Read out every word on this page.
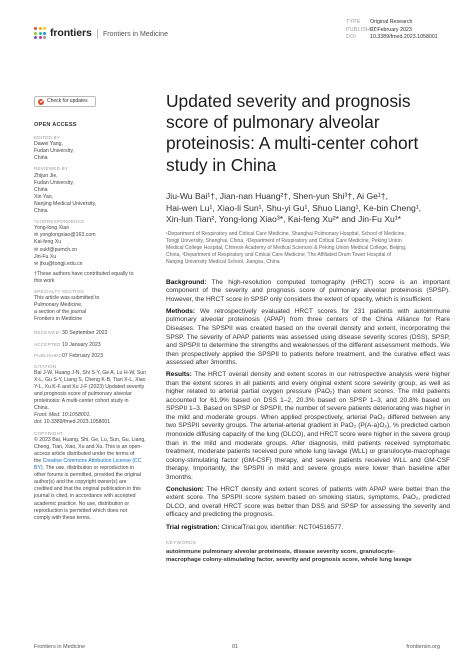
frontiers	Frontiers in Medicine
TYPE Original Research
PUBLISHED07 February 2023
DOI	10.3389/fmed.2023.1058001
Check for updates
OPEN ACCESS
EDITED BY
Dawei Yang,
Fudan University,
China
REVIEWED BY
Zhijun Jie,
Fudan University,
China
Xin Yao,
Nanjing Medical University,
China
*CORRESPONDENCE
Yong-long Xiao
✉ yonglongxiao@163.com
Kai-feng Xu
✉ xukf@pumch.cn
Jin-Fu Xu
✉ jfxu@tongji.edu.cn
†These authors have contributed equally to this work
SPECIALTY SECTION
This article was submitted to
Pulmonary Medicine,
a section of the journal
Frontiers in Medicine
RECEIVED 30 September 2022
ACCEPTED19 January 2023
PUBLISHED07 February 2023
CITATION
Bai J-W, Huang J-N, Shi S-Y, Ge A, Lu H-W, Sun
X-L, Gu S-Y, Liang S, Cheng K-B, Tian X-L, Xiao
Y-L, Xu K-F and Xu J-F (2023) Updated severity
and prognosis score of pulmonary alveolar
proteinosis: A multi-center cohort study in
China.
Front. Med. 10:1058001.
doi: 10.3389/fmed.2023.1058001
COPYRIGHT
© 2023 Bai, Huang, Shi, Ge, Lu, Sun, Gu, Liang,
Cheng, Tian, Xiao, Xu and Xu. This is an open-
access article distributed under the terms of
the Creative Commons Attribution License (CC
BY). The use, distribution or reproduction in
other forums is permitted, provided the original
author(s) and the copyright owner(s) are
credited and that the original publication in this
journal is cited, in accordance with accepted
academic practice. No use, distribution or
reproduction is permitted which does not
comply with these terms.
Updated severity and prognosis
score of pulmonary alveolar
proteinosis: A multi-center cohort
study in China
Jiu-Wu Bai¹†, Jian-nan Huang²†, Shen-yun Shi³†, Ai Ge¹†,
Hai-wen Lu¹, Xiao-li Sun¹, Shu-yi Gu¹, Shuo Liang¹, Ke-bin Cheng¹,
Xin-lun Tian², Yong-long Xiao³*, Kai-feng Xu²* and Jin-Fu Xu¹*
¹Department of Respiratory and Critical Care Medicine, Shanghai Pulmonary Hospital, School of Medicine,
Tongji University, Shanghai, China, ²Department of Respiratory and Critical Care Medicine, Peking Union
Medical College Hospital, Chinese Academy of Medical Sciences & Peking Union Medical College, Beijing,
China, ³Department of Respiratory and Critical Care Medicine, The Affiliated Drum Tower Hospital of
Nanjing University Medical School, Jiangsu, China

Background: The high-resolution computed tomography (HRCT) score is an important component of the severity and prognosis score of pulmonary alveolar proteinosis (SPSP). However, the HRCT score in SPSP only considers the extent of opacity, which is insufficient.

Methods: We retrospectively evaluated HRCT scores for 231 patients with autoimmune pulmonary alveolar proteinosis (APAP) from three centers of the China Alliance for Rare Diseases. The SPSPII was created based on the overall density and extent, incorporating the SPSP. The severity of APAP patients was assessed using disease severity scores (DSS), SPSP, and SPSPII to determine the strengths and weaknesses of the different assessment methods. We then prospectively applied the SPSPII to patients before treatment, and the curative effect was assessed after 3months.

Results: The HRCT overall density and extent scores in our retrospective analysis were higher than the extent scores in all patients and every original extent score severity group, as well as higher related to arterial partial oxygen pressure (PaO₂) than extent scores. The mild patients accounted for 61.9% based on DSS 1–2, 20.3% based on SPSP 1–3, and 20.8% based on SPSPII 1–3. Based on SPSP or SPSPII, the number of severe patients deteriorating was higher in the mild and moderate groups. When applied prospectively, arterial PaO₂ differed between any two SPSPII severity groups. The arterial-arterial gradient in PaO₂ (P(A-a)O₂), % predicted carbon monoxide diffusing capacity of the lung (DLCO), and HRCT score were higher in the severe group than in the mild and moderate groups. After diagnosis, mild patients received symptomatic treatment, moderate patients received pure whole lung lavage (WLL) or granulocyte-macrophage colony-stimulating factor (GM-CSF) therapy, and severe patients received WLL and GM-CSF therapy. Importantly, the SPSPII in mild and severe groups were lower than baseline after 3months.

Conclusion: The HRCT density and extent scores of patients with APAP were better than the extent score. The SPSPII score system based on smoking status, symptoms, PaO₂, predicted DLCO, and overall HRCT score was better than DSS and SPSP for assessing the severity and efficacy and predicting the prognosis.

Trial registration: ClinicalTrial.gov, identifier: NCT04516577.

KEYWORDS
autoimmune pulmonary alveolar proteinosis, disease severity score, granulocyte-
macrophage colony-stimulating factor, severity and prognosis score, whole lung lavage
Frontiers in Medicine	01	frontiersin.org
